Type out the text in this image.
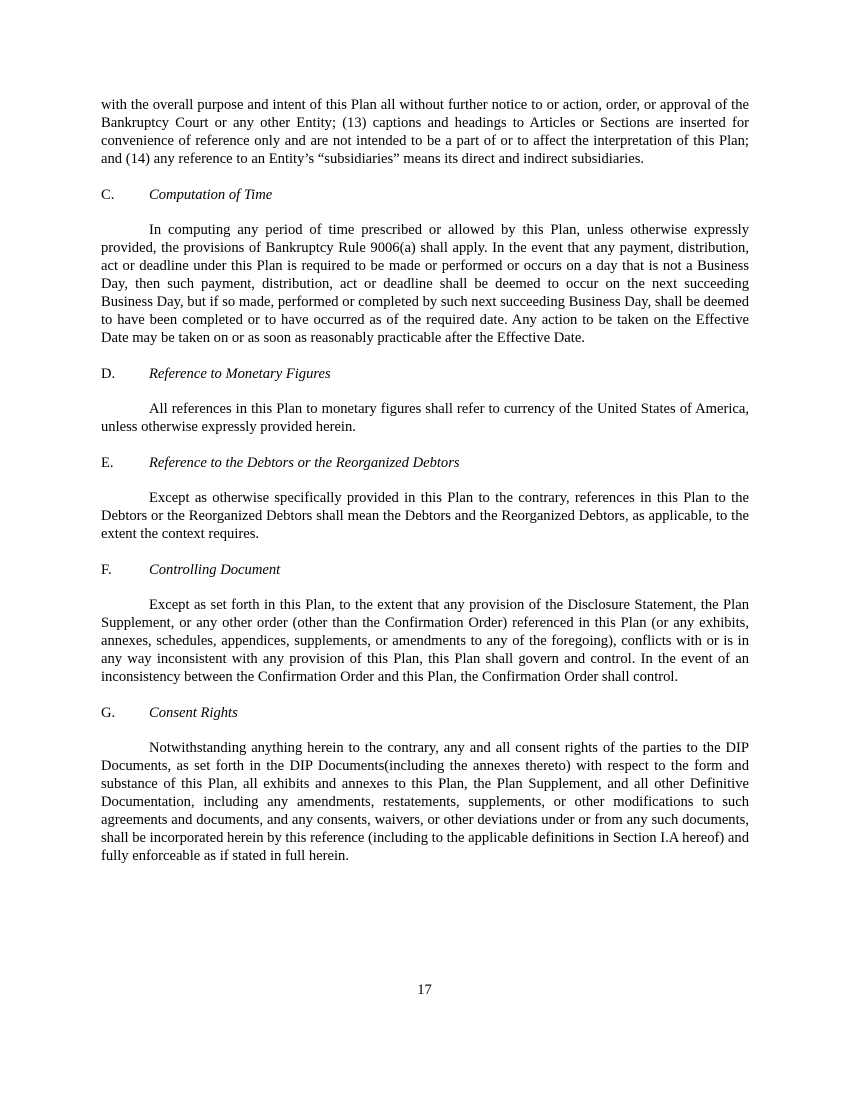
with the overall purpose and intent of this Plan all without further notice to or action, order, or approval of the Bankruptcy Court or any other Entity; (13) captions and headings to Articles or Sections are inserted for convenience of reference only and are not intended to be a part of or to affect the interpretation of this Plan; and (14) any reference to an Entity’s “subsidiaries” means its direct and indirect subsidiaries.

C.	Computation of Time

In computing any period of time prescribed or allowed by this Plan, unless otherwise expressly provided, the provisions of Bankruptcy Rule 9006(a) shall apply. In the event that any payment, distribution, act or deadline under this Plan is required to be made or performed or occurs on a day that is not a Business Day, then such payment, distribution, act or deadline shall be deemed to occur on the next succeeding Business Day, but if so made, performed or completed by such next succeeding Business Day, shall be deemed to have been completed or to have occurred as of the required date. Any action to be taken on the Effective Date may be taken on or as soon as reasonably practicable after the Effective Date.

D.	Reference to Monetary Figures

All references in this Plan to monetary figures shall refer to currency of the United States of America, unless otherwise expressly provided herein.

E.	Reference to the Debtors or the Reorganized Debtors

Except as otherwise specifically provided in this Plan to the contrary, references in this Plan to the Debtors or the Reorganized Debtors shall mean the Debtors and the Reorganized Debtors, as applicable, to the extent the context requires.

F.	Controlling Document

Except as set forth in this Plan, to the extent that any provision of the Disclosure Statement, the Plan Supplement, or any other order (other than the Confirmation Order) referenced in this Plan (or any exhibits, annexes, schedules, appendices, supplements, or amendments to any of the foregoing), conflicts with or is in any way inconsistent with any provision of this Plan, this Plan shall govern and control. In the event of an inconsistency between the Confirmation Order and this Plan, the Confirmation Order shall control.

G.	Consent Rights

Notwithstanding anything herein to the contrary, any and all consent rights of the parties to the DIP Documents, as set forth in the DIP Documents(including the annexes thereto) with respect to the form and substance of this Plan, all exhibits and annexes to this Plan, the Plan Supplement, and all other Definitive Documentation, including any amendments, restatements, supplements, or other modifications to such agreements and documents, and any consents, waivers, or other deviations under or from any such documents, shall be incorporated herein by this reference (including to the applicable definitions in Section I.A hereof) and fully enforceable as if stated in full herein.

17
